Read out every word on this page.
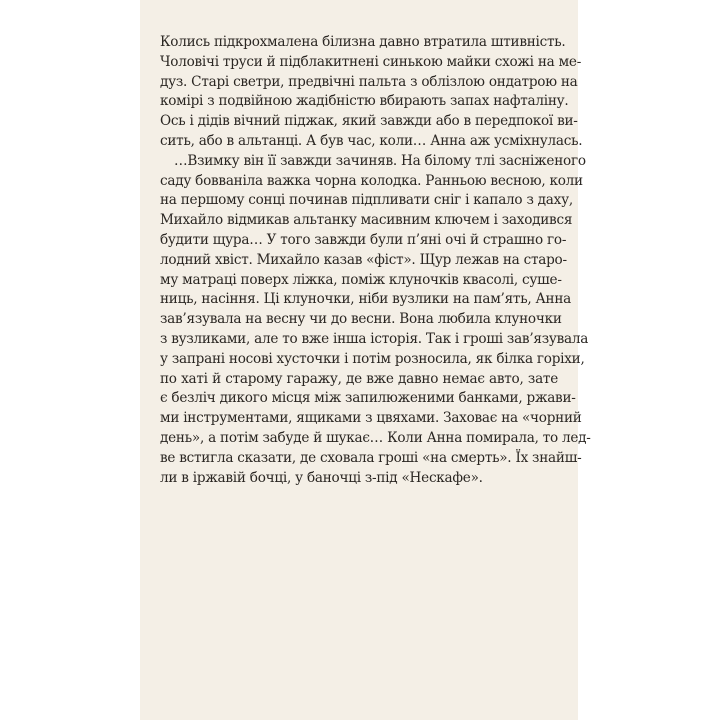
Колись підкрохмалена білизна давно втратила штивність.
Чоловічі труси й підблакитнені синькою майки схожі на ме-
дуз. Старі светри, предвічні пальта з облізлою ондатрою на
комірі з подвійною жадібністю вбирають запах нафталіну.
Ось і дідів вічний піджак, який завжди або в передпокої ви-
сить, або в альтанці. А був час, коли… Анна аж усміхнулась.
…Взимку він її завжди зачиняв. На білому тлі засніженого
саду бовваніла важка чорна колодка. Ранньою весною, коли
на першому сонці починав підпливати сніг і капало з даху,
Михайло відмикав альтанку масивним ключем і заходився
будити щура… У того завжди були п’яні очі й страшно го-
лодний хвіст. Михайло казав «фіст». Щур лежав на старо-
му матраці поверх ліжка, поміж клуночків квасолі, суше-
ниць, насіння. Ці клуночки, ніби вузлики на пам’ять, Анна
зав’язувала на весну чи до весни. Вона любила клуночки
з вузликами, але то вже інша історія. Так і гроші зав’язувала
у запрані носові хусточки і потім розносила, як білка горіхи,
по хаті й старому гаражу, де вже давно немає авто, зате
є безліч дикого місця між запилюженими банками, ржави-
ми інструментами, ящиками з цвяхами. Заховає на «чорний
день», а потім забуде й шукає… Коли Анна помирала, то лед-
ве встигла сказати, де сховала гроші «на смерть». Їх знайш-
ли в іржавій бочці, у баночці з-під «Нескафе».
